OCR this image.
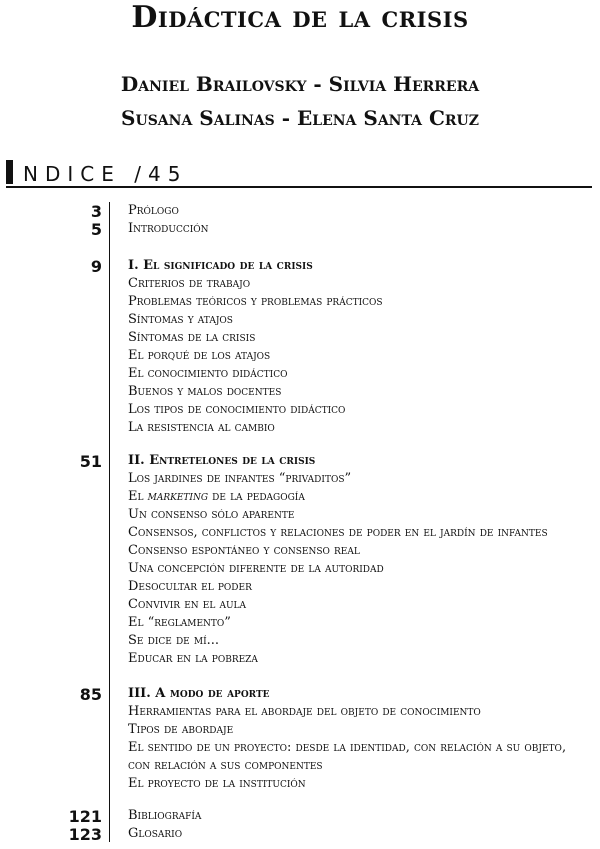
Didáctica de la crisis
Daniel Brailovsky - Silvia Herrera
Susana Salinas - Elena Santa Cruz
NDICE /45
3
5
9
51
85
121
123
Prólogo
Introducción
I. El significado de la crisis
Criterios de trabajo
Problemas teóricos y problemas prácticos
Síntomas y atajos
Síntomas de la crisis
El porqué de los atajos
El conocimiento didáctico
Buenos y malos docentes
Los tipos de conocimiento didáctico
La resistencia al cambio
II. Entretelones de la crisis
Los jardines de infantes “privaditos”
El marketing de la pedagogía
Un consenso sólo aparente
Consensos, conflictos y relaciones de poder en el jardín de infantes
Consenso espontáneo y consenso real
Una concepción diferente de la autoridad
Desocultar el poder
Convivir en el aula
El “reglamento”
Se dice de mí...
Educar en la pobreza
III. A modo de aporte
Herramientas para el abordaje del objeto de conocimiento
Tipos de abordaje
El sentido de un proyecto: desde la identidad, con relación a su objeto,
con relación a sus componentes
El proyecto de la institución
Bibliografía
Glosario
